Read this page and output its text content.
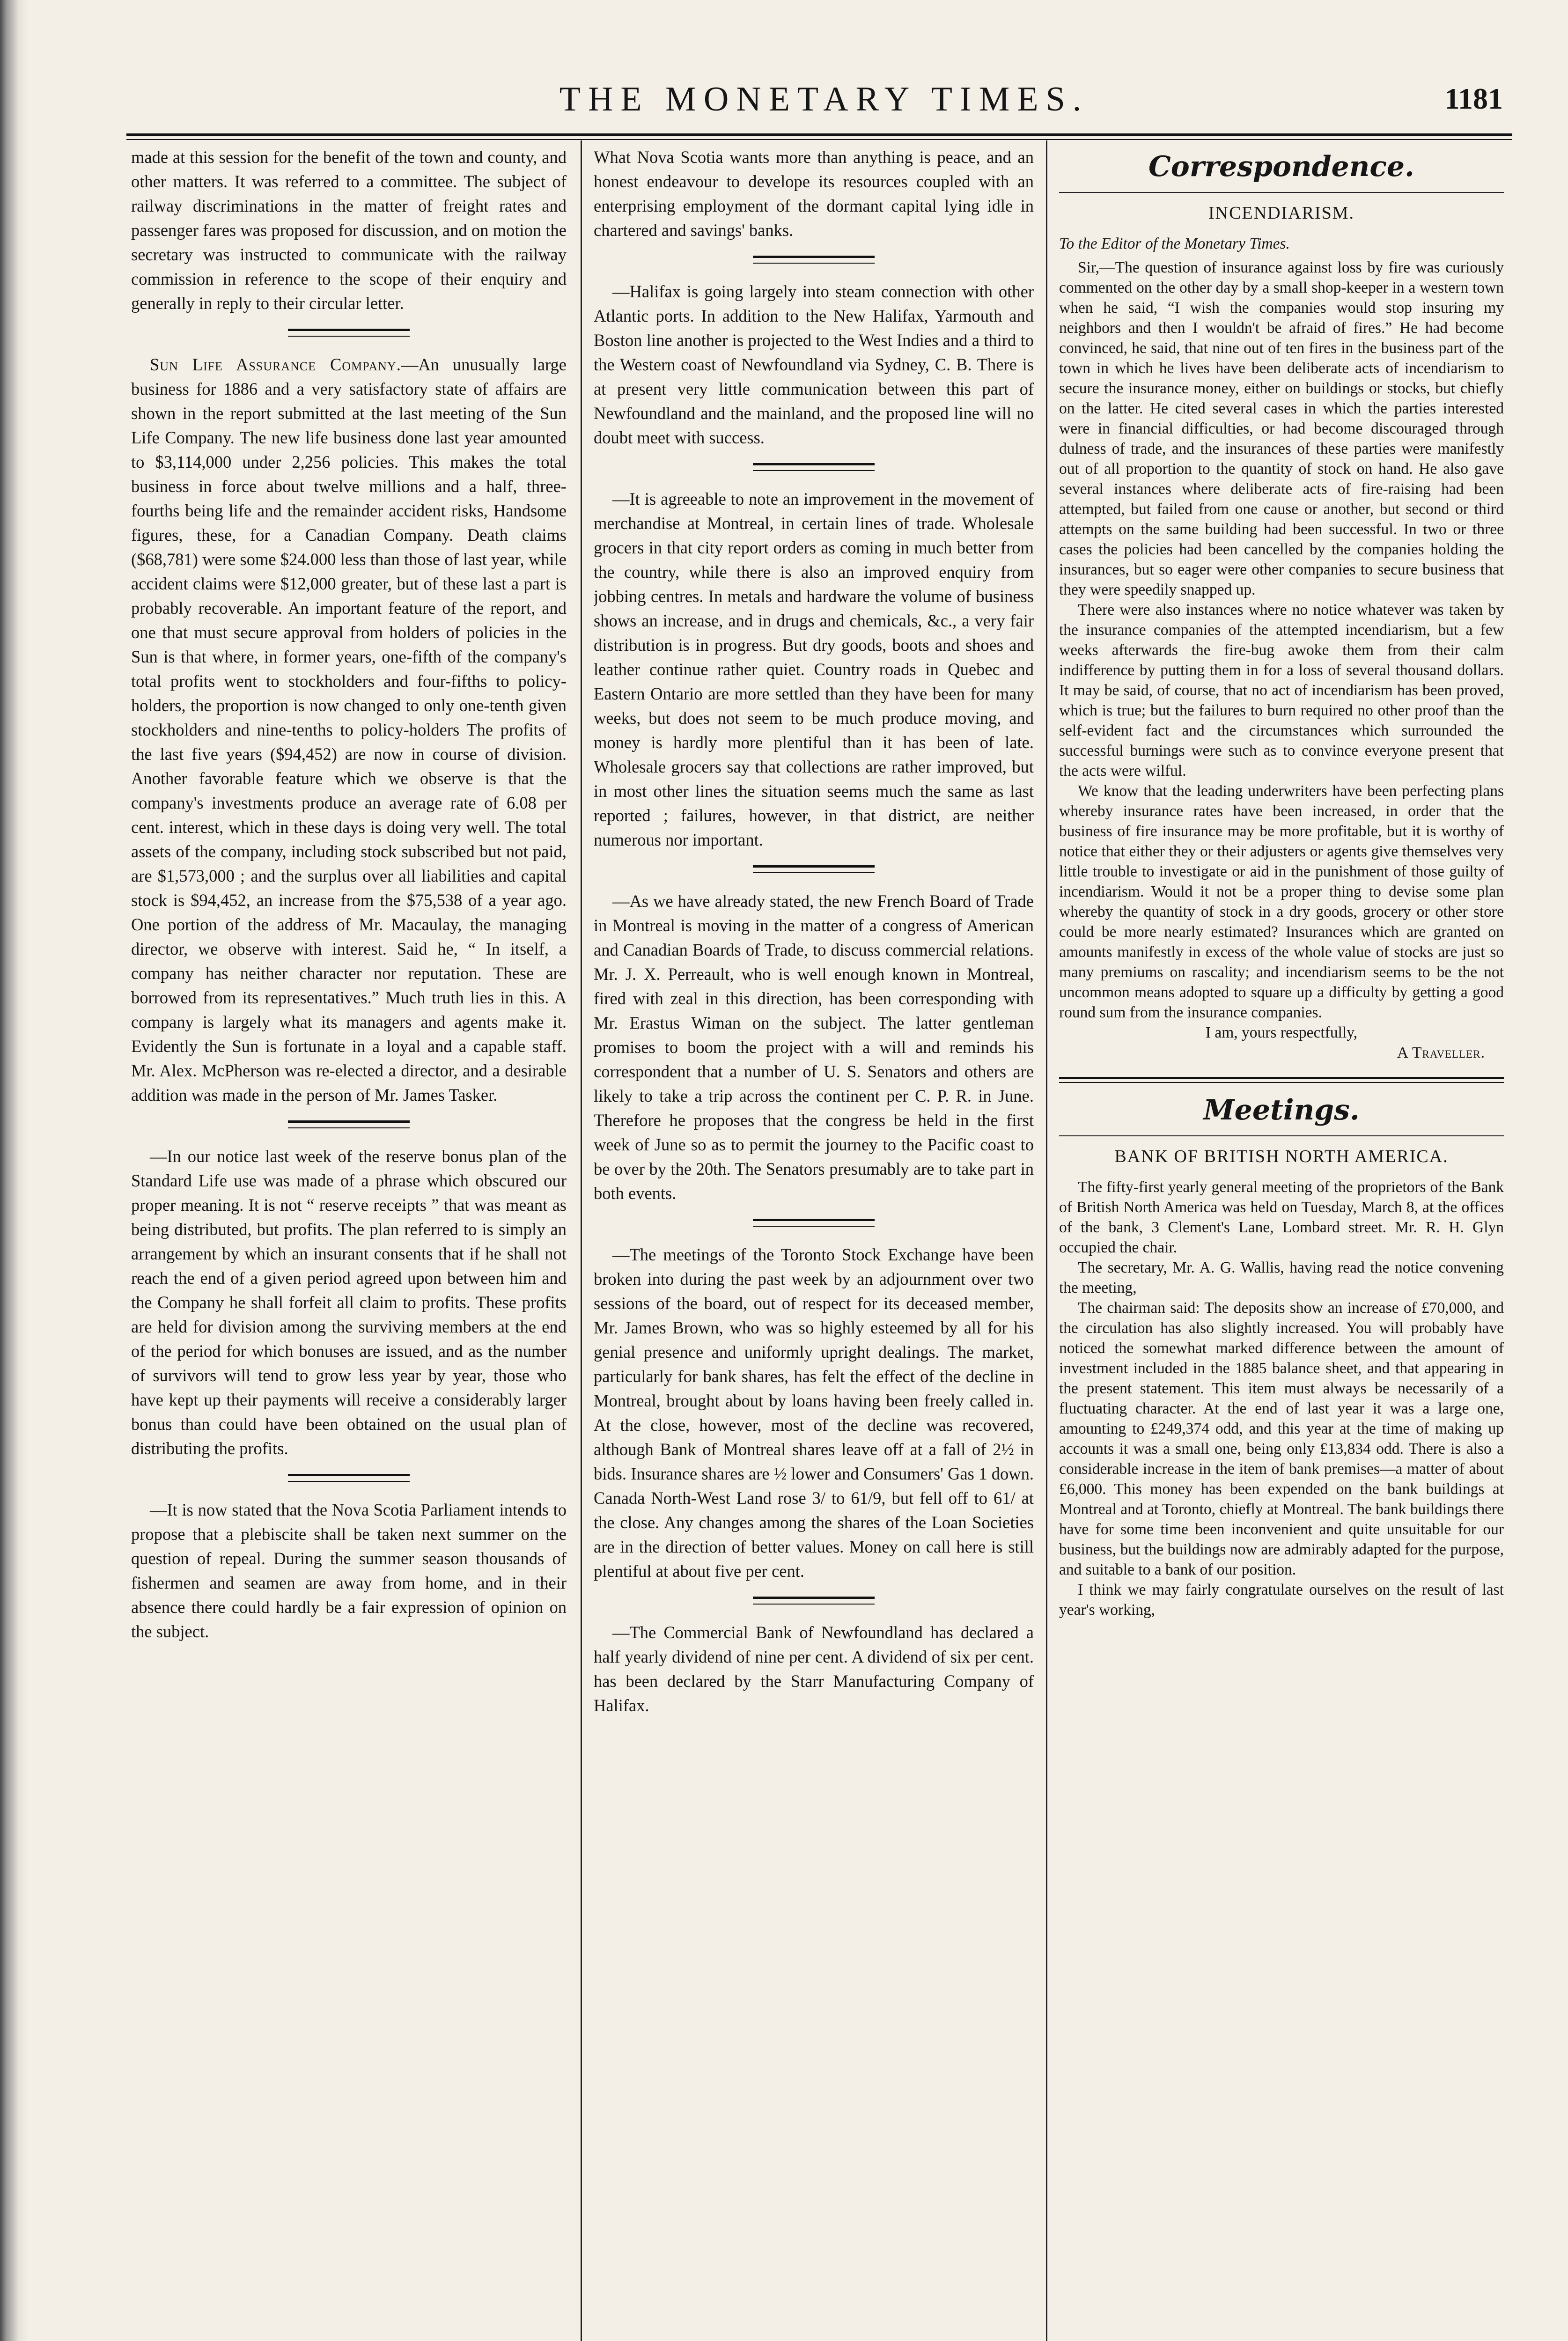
THE MONETARY TIMES.	1181

made at this session for the benefit of the town and county, and other matters. It was referred to a committee. The subject of railway discriminations in the matter of freight rates and passenger fares was proposed for discussion, and on motion the secretary was instructed to communicate with the railway commission in reference to the scope of their enquiry and generally in reply to their circular letter.

Sun Life Assurance Company.—An unusually large business for 1886 and a very satisfactory state of affairs are shown in the report submitted at the last meeting of the Sun Life Company. The new life business done last year amounted to $3,114,000 under 2,256 policies. This makes the total business in force about twelve millions and a half, three-fourths being life and the remainder accident risks, Handsome figures, these, for a Canadian Company. Death claims ($68,781) were some $24.000 less than those of last year, while accident claims were $12,000 greater, but of these last a part is probably recoverable. An important feature of the report, and one that must secure approval from holders of policies in the Sun is that where, in former years, one-fifth of the company's total profits went to stockholders and four-fifths to policy-holders, the proportion is now changed to only one-tenth given stockholders and nine-tenths to policy-holders The profits of the last five years ($94,452) are now in course of division. Another favorable feature which we observe is that the company's investments produce an average rate of 6.08 per cent. interest, which in these days is doing very well. The total assets of the company, including stock subscribed but not paid, are $1,573,000 ; and the surplus over all liabilities and capital stock is $94,452, an increase from the $75,538 of a year ago. One portion of the address of Mr. Macaulay, the managing director, we observe with interest. Said he, “ In itself, a company has neither character nor reputation. These are borrowed from its representatives.” Much truth lies in this. A company is largely what its managers and agents make it. Evidently the Sun is fortunate in a loyal and a capable staff. Mr. Alex. McPherson was re-elected a director, and a desirable addition was made in the person of Mr. James Tasker.

—In our notice last week of the reserve bonus plan of the Standard Life use was made of a phrase which obscured our proper meaning. It is not “ reserve receipts ” that was meant as being distributed, but profits. The plan referred to is simply an arrangement by which an insurant consents that if he shall not reach the end of a given period agreed upon between him and the Company he shall forfeit all claim to profits. These profits are held for division among the surviving members at the end of the period for which bonuses are issued, and as the number of survivors will tend to grow less year by year, those who have kept up their payments will receive a considerably larger bonus than could have been obtained on the usual plan of distributing the profits.

—It is now stated that the Nova Scotia Parliament intends to propose that a plebiscite shall be taken next summer on the question of repeal. During the summer season thousands of fishermen and seamen are away from home, and in their absence there could hardly be a fair expression of opinion on the subject.

What Nova Scotia wants more than anything is peace, and an honest endeavour to develope its resources coupled with an enterprising employment of the dormant capital lying idle in chartered and savings' banks.

—Halifax is going largely into steam connection with other Atlantic ports. In addition to the New Halifax, Yarmouth and Boston line another is projected to the West Indies and a third to the Western coast of Newfoundland via Sydney, C. B. There is at present very little communication between this part of Newfoundland and the mainland, and the proposed line will no doubt meet with success.

—It is agreeable to note an improvement in the movement of merchandise at Montreal, in certain lines of trade. Wholesale grocers in that city report orders as coming in much better from the country, while there is also an improved enquiry from jobbing centres. In metals and hardware the volume of business shows an increase, and in drugs and chemicals, &c., a very fair distribution is in progress. But dry goods, boots and shoes and leather continue rather quiet. Country roads in Quebec and Eastern Ontario are more settled than they have been for many weeks, but does not seem to be much produce moving, and money is hardly more plentiful than it has been of late. Wholesale grocers say that collections are rather improved, but in most other lines the situation seems much the same as last reported ; failures, however, in that district, are neither numerous nor important.

—As we have already stated, the new French Board of Trade in Montreal is moving in the matter of a congress of American and Canadian Boards of Trade, to discuss commercial relations. Mr. J. X. Perreault, who is well enough known in Montreal, fired with zeal in this direction, has been corresponding with Mr. Erastus Wiman on the subject. The latter gentleman promises to boom the project with a will and reminds his correspondent that a number of U. S. Senators and others are likely to take a trip across the continent per C. P. R. in June. Therefore he proposes that the congress be held in the first week of June so as to permit the journey to the Pacific coast to be over by the 20th. The Senators presumably are to take part in both events.

—The meetings of the Toronto Stock Exchange have been broken into during the past week by an adjournment over two sessions of the board, out of respect for its deceased member, Mr. James Brown, who was so highly esteemed by all for his genial presence and uniformly upright dealings. The market, particularly for bank shares, has felt the effect of the decline in Montreal, brought about by loans having been freely called in. At the close, however, most of the decline was recovered, although Bank of Montreal shares leave off at a fall of 2½ in bids. Insurance shares are ½ lower and Consumers' Gas 1 down. Canada North-West Land rose 3/ to 61/9, but fell off to 61/ at the close. Any changes among the shares of the Loan Societies are in the direction of better values. Money on call here is still plentiful at about five per cent.

—The Commercial Bank of Newfoundland has declared a half yearly dividend of nine per cent. A dividend of six per cent. has been declared by the Starr Manufacturing Company of Halifax.

Correspondence.
INCENDIARISM.

To the Editor of the Monetary Times.

Sir,—The question of insurance against loss by fire was curiously commented on the other day by a small shop-keeper in a western town when he said, “I wish the companies would stop insuring my neighbors and then I wouldn't be afraid of fires.” He had become convinced, he said, that nine out of ten fires in the business part of the town in which he lives have been deliberate acts of incendiarism to secure the insurance money, either on buildings or stocks, but chiefly on the latter. He cited several cases in which the parties interested were in financial difficulties, or had become discouraged through dulness of trade, and the insurances of these parties were manifestly out of all proportion to the quantity of stock on hand. He also gave several instances where deliberate acts of fire-raising had been attempted, but failed from one cause or another, but second or third attempts on the same building had been successful. In two or three cases the policies had been cancelled by the companies holding the insurances, but so eager were other companies to secure business that they were speedily snapped up.

There were also instances where no notice whatever was taken by the insurance companies of the attempted incendiarism, but a few weeks afterwards the fire-bug awoke them from their calm indifference by putting them in for a loss of several thousand dollars. It may be said, of course, that no act of incendiarism has been proved, which is true; but the failures to burn required no other proof than the self-evident fact and the circumstances which surrounded the successful burnings were such as to convince everyone present that the acts were wilful.

We know that the leading underwriters have been perfecting plans whereby insurance rates have been increased, in order that the business of fire insurance may be more profitable, but it is worthy of notice that either they or their adjusters or agents give themselves very little trouble to investigate or aid in the punishment of those guilty of incendiarism. Would it not be a proper thing to devise some plan whereby the quantity of stock in a dry goods, grocery or other store could be more nearly estimated? Insurances which are granted on amounts manifestly in excess of the whole value of stocks are just so many premiums on rascality; and incendiarism seems to be the not uncommon means adopted to square up a difficulty by getting a good round sum from the insurance companies.

I am, yours respectfully,

A Traveller.

Meetings.
BANK OF BRITISH NORTH AMERICA.

The fifty-first yearly general meeting of the proprietors of the Bank of British North America was held on Tuesday, March 8, at the offices of the bank, 3 Clement's Lane, Lombard street. Mr. R. H. Glyn occupied the chair.

The secretary, Mr. A. G. Wallis, having read the notice convening the meeting,

The chairman said: The deposits show an increase of £70,000, and the circulation has also slightly increased. You will probably have noticed the somewhat marked difference between the amount of investment included in the 1885 balance sheet, and that appearing in the present statement. This item must always be necessarily of a fluctuating character. At the end of last year it was a large one, amounting to £249,374 odd, and this year at the time of making up accounts it was a small one, being only £13,834 odd. There is also a considerable increase in the item of bank premises—a matter of about £6,000. This money has been expended on the bank buildings at Montreal and at Toronto, chiefly at Montreal. The bank buildings there have for some time been inconvenient and quite unsuitable for our business, but the buildings now are admirably adapted for the purpose, and suitable to a bank of our position.

I think we may fairly congratulate ourselves on the result of last year's working,
